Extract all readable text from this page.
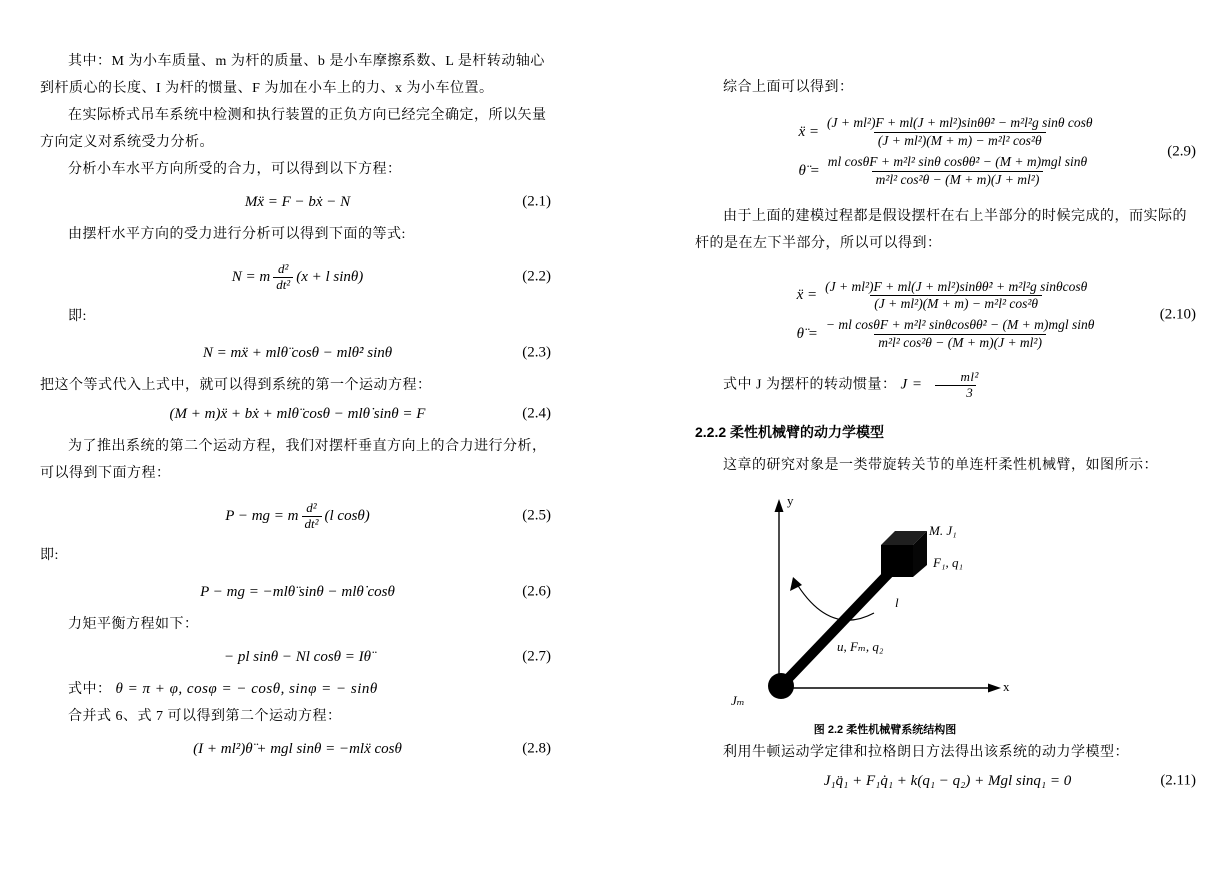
其中：M 为小车质量、m 为杆的质量、b 是小车摩擦系数、L 是杆转动轴心到杆质心的长度、I 为杆的惯量、F 为加在小车上的力、x 为小车位置。

在实际桥式吊车系统中检测和执行装置的正负方向已经完全确定，所以矢量方向定义对系统受力分析。

分析小车水平方向所受的合力，可以得到以下方程：

Mẍ = F − bẋ − N	(2.1)

由摆杆水平方向的受力进行分析可以得到下面的等式:

N = m $\frac{\text{d²}}{\text{dt²}} (x + l$ sinθ)	(2.2)

即:

N = mẍ + mlθ̈ cosθ − mlθ̇² sinθ	(2.3)

把这个等式代入上式中，就可以得到系统的第一个运动方程：

(M + m)ẍ + bẋ + mlθ̈ cosθ − mlθ̇ sinθ = F	(2.4)

为了推出系统的第二个运动方程，我们对摆杆垂直方向上的合力进行分析，可以得到下面方程：

P − mg = m $\frac{\text{d²}}{\text{dt²}} (l$ cosθ)	(2.5)

即:

P − mg = −mlθ̈ sinθ − mlθ̇ cosθ	(2.6)

力矩平衡方程如下：

− pl sinθ − Nl cosθ = Iθ̈	(2.7)

式中： θ = π + φ, cosφ = − cosθ, sinφ = − sinθ

合并式 6、式 7 可以得到第二个运动方程：

(I + ml²)θ̈ + mgl sinθ = −mlẍ cosθ	(2.8)

综合上面可以得到：

ẍ = $\frac{\text{(J + ml²)F + ml(J + ml²)sinθθ̇² − m²l²g sinθ cosθ}}{\text{(J + ml²)(M + m) − m²l² cos²θ}}$
θ̈ =
ml cosθF + m²l² sinθ cosθθ̇² − (M + m)mgl sinθ
m²l² cos²θ − (M + m)(J + ml²)
(2.9)

由于上面的建模过程都是假设摆杆在右上半部分的时候完成的，而实际的杆的是在左下半部分，所以可以得到：

ẍ = $\frac{\text{(J + ml²)F + ml(J + ml²)sinθθ̇² + m²l²g sinθcosθ}}{\text{(J + ml²)(M + m) − m²l² cos²θ}}$
θ̈ =
− ml cosθF + m²l² sinθcosθθ̇² − (M + m)mgl sinθ
m²l² cos²θ − (M + m)(J + ml²)
(2.10)

式中 J 为摆杆的转动惯量： $J = \frac{\text{ml²}}{3}$

2.2.2 柔性机械臂的动力学模型

这章的研究对象是一类带旋转关节的单连杆柔性机械臂，如图所示：

y
x
M. J₁
F₁, q₁
l
u, Fₘ, q₂
Jₘ
图 2.2 柔性机械臂系统结构图

利用牛顿运动学定律和拉格朗日方法得出该系统的动力学模型：

J₁q̈₁ + F₁q̇₁ + k(q₁ − q₂) + Mgl sinq₁ = 0	(2.11)
